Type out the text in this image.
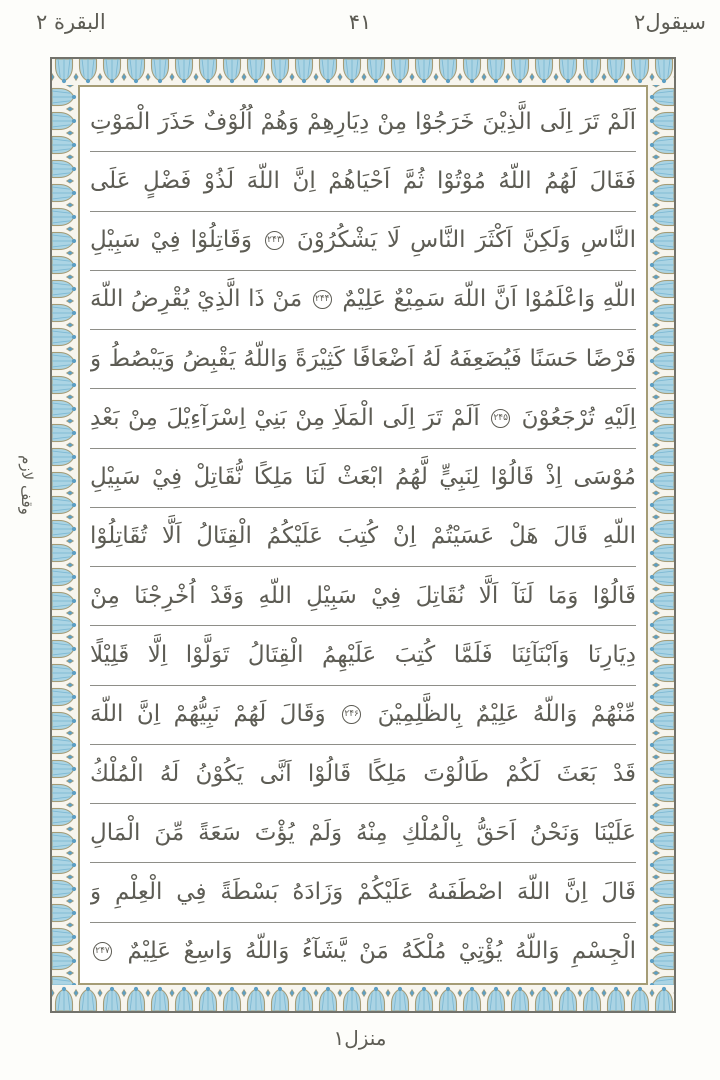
سيقول٢
۴١
البقرة ٢
اَلَمْ تَرَ اِلَى الَّذِيْنَ خَرَجُوْا مِنْ دِيَارِهِمْ وَهُمْ اُلُوْفٌ حَذَرَ الْمَوْتِ
فَقَالَ لَهُمُ اللّهُ مُوْتُوْا ثُمَّ اَحْيَاهُمْ اِنَّ اللّهَ لَذُوْ فَضْلٍ عَلَى
النَّاسِ وَلَكِنَّ اَكْثَرَ النَّاسِ لَا يَشْكُرُوْنَ ۲۴۳ وَقَاتِلُوْا فِيْ سَبِيْلِ
اللّهِ وَاعْلَمُوْا اَنَّ اللّهَ سَمِيْعٌ عَلِيْمٌ ۲۴۴ مَنْ ذَا الَّذِيْ يُقْرِضُ اللّهَ
قَرْضًا حَسَنًا فَيُضَعِفَهُ لَهُ اَضْعَافًا كَثِيْرَةً وَاللّهُ يَقْبِضُ وَيَبْصُطُ وَ
اِلَيْهِ تُرْجَعُوْنَ ۲۴۵ اَلَمْ تَرَ اِلَى الْمَلَاِ مِنْ بَنِيْ اِسْرَآءِيْلَ مِنْ بَعْدِ
مُوْسَى اِذْ قَالُوْا لِنَبِيٍّ لَّهُمُ ابْعَثْ لَنَا مَلِكًا نُّقَاتِلْ فِيْ سَبِيْلِ
اللّهِ قَالَ هَلْ عَسَيْتُمْ اِنْ كُتِبَ عَلَيْكُمُ الْقِتَالُ اَلَّا تُقَاتِلُوْا
قَالُوْا وَمَا لَنَآ اَلَّا نُقَاتِلَ فِيْ سَبِيْلِ اللّهِ وَقَدْ اُخْرِجْنَا مِنْ
دِيَارِنَا وَاَبْنَآئِنَا فَلَمَّا كُتِبَ عَلَيْهِمُ الْقِتَالُ تَوَلَّوْا اِلَّا قَلِيْلًا
مِّنْهُمْ وَاللّهُ عَلِيْمٌ بِالظَّلِمِيْنَ ۲۴۶ وَقَالَ لَهُمْ نَبِيُّهُمْ اِنَّ اللّهَ
قَدْ بَعَثَ لَكُمْ طَالُوْتَ مَلِكًا قَالُوْا اَنَّى يَكُوْنُ لَهُ الْمُلْكُ
عَلَيْنَا وَنَحْنُ اَحَقُّ بِالْمُلْكِ مِنْهُ وَلَمْ يُؤْتَ سَعَةً مِّنَ الْمَالِ
قَالَ اِنَّ اللّهَ اصْطَفَىهُ عَلَيْكُمْ وَزَادَهُ بَسْطَةً فِي الْعِلْمِ وَ
الْجِسْمِ وَاللّهُ يُؤْتِيْ مُلْكَهُ مَنْ يَّشَآءُ وَاللّهُ وَاسِعٌ عَلِيْمٌ ۲۴۷
وقف لازم
منزل١
